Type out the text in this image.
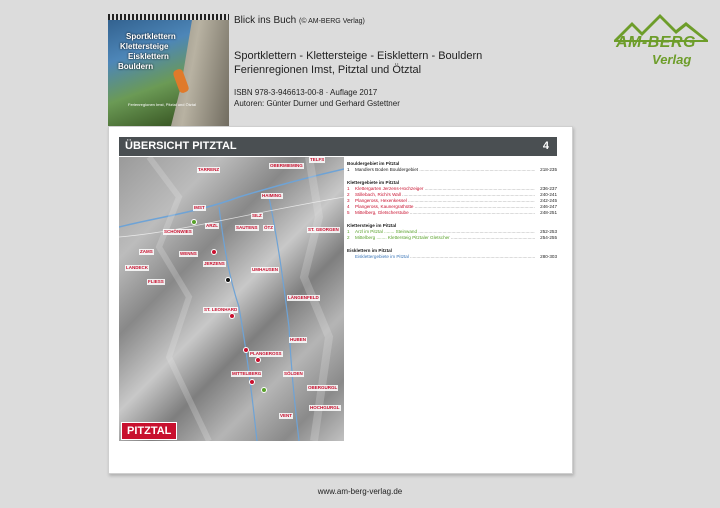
Sportklettern
Klettersteige
Eisklettern
Bouldern
Ferienregionen Imst, Pitztal und Ötztal
Blick ins Buch (© AM-BERG Verlag)
Sportklettern - Klettersteige - Eisklettern - Bouldern
Ferienregionen Imst, Pitztal und Ötztal
ISBN 978-3-946613-00-8 · Auflage 2017
Autoren: Günter Durner und Gerhard Gstettner
AM-BERG
Verlag
ÜBERSICHT PITZTAL	4
TELFS
OBERMIEMING
TARRENZ
HAIMING
IMST
ARZL
SILZ
SCHÖNWIES
SAUTENS ÖTZ	ST. GEORGEN
WENNS
JERZENS
UMHAUSEN
ZAMS
LANDECK
FLIESS
ST. LEONHARD
LÄNGENFELD
PLANGEROSS
HUBEN
MITTELBERG	SÖLDEN
VENT
OBERGURGL
HOCHGURGL
PITZTAL
Bouldergebiet im Pitztal
1	Mandlers Boden Bouldergebiet .....	218-235
Klettergebiete im Pitztal
1	Klettergarten Jerzens-Hochzeiger .....	236-237
2	Stillebach, Richi's Wall .....	240-241
3	Plangeross, Hexenkessel .....	242-245
4	Plangeross, Kaunergrathütte .....	246-247
5	Mittelberg, Gletscherstube .....	248-251
Klettersteige im Pitztal
1	Arzl im Pitztal ........ Steinwand .....	252-253
2	Mittelberg ........ Klettersteig Pitztaler Gletscher .....	254-255
Eisklettern im Pitztal
Eisklettergebiete im Pitztal .....	280-303
www.am-berg-verlag.de
